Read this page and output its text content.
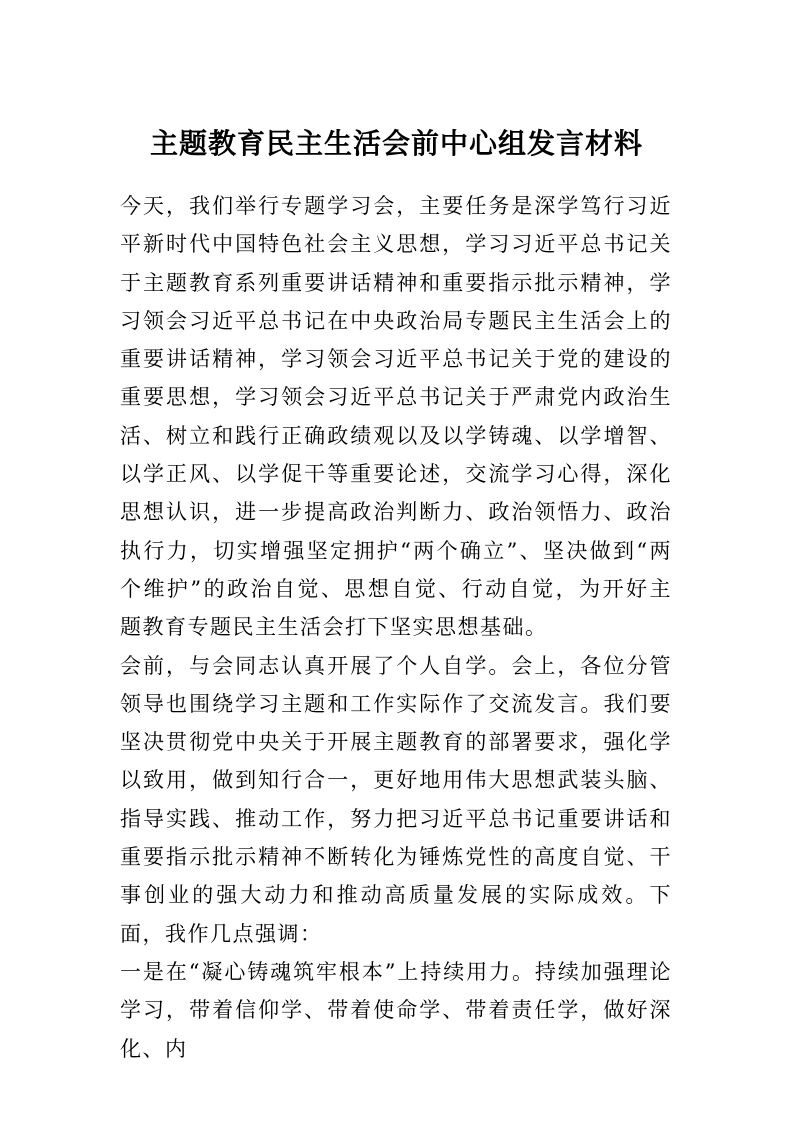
主题教育民主生活会前中心组发言材料

今天，我们举行专题学习会，主要任务是深学笃行习近平新时代中国特色社会主义思想，学习习近平总书记关于主题教育系列重要讲话精神和重要指示批示精神，学习领会习近平总书记在中央政治局专题民主生活会上的重要讲话精神，学习领会习近平总书记关于党的建设的重要思想，学习领会习近平总书记关于严肃党内政治生活、树立和践行正确政绩观以及以学铸魂、以学增智、以学正风、以学促干等重要论述，交流学习心得，深化思想认识，进一步提高政治判断力、政治领悟力、政治执行力，切实增强坚定拥护“两个确立”、坚决做到“两个维护”的政治自觉、思想自觉、行动自觉，为开好主题教育专题民主生活会打下坚实思想基础。

会前，与会同志认真开展了个人自学。会上，各位分管领导也围绕学习主题和工作实际作了交流发言。我们要坚决贯彻党中央关于开展主题教育的部署要求，强化学以致用，做到知行合一，更好地用伟大思想武装头脑、指导实践、推动工作，努力把习近平总书记重要讲话和重要指示批示精神不断转化为锤炼党性的高度自觉、干事创业的强大动力和推动高质量发展的实际成效。下面，我作几点强调：

一是在“凝心铸魂筑牢根本”上持续用力。持续加强理论学习，带着信仰学、带着使命学、带着责任学，做好深化、内
